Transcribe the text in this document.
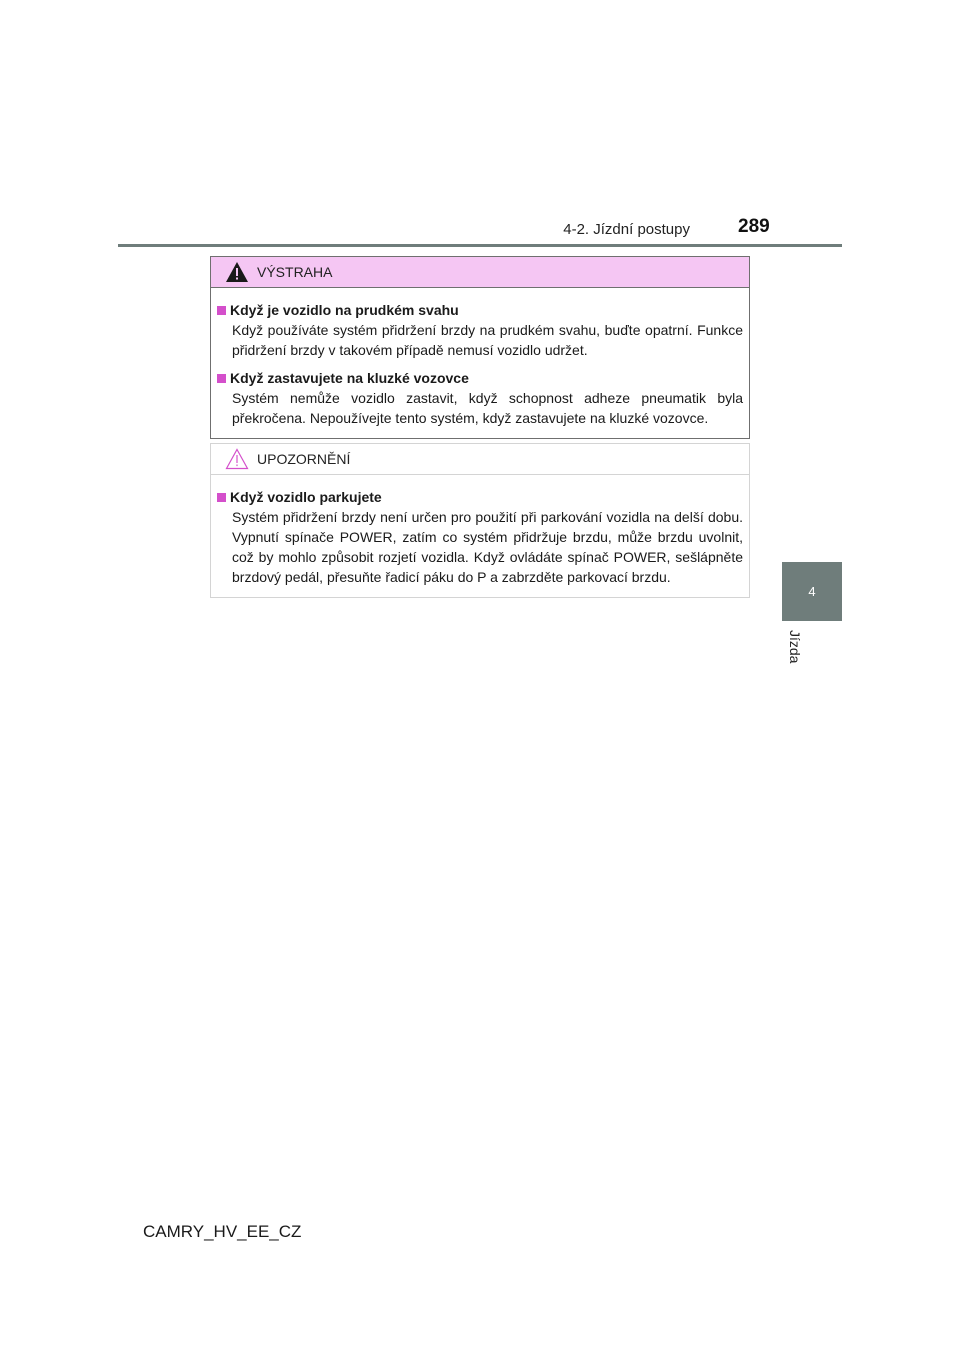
4-2. Jízdní postupy	289
4
Jízda
VÝSTRAHA
Když je vozidlo na prudkém svahu
Když používáte systém přidržení brzdy na prudkém svahu, buďte opatrní. Funkce přidržení brzdy v takovém případě nemusí vozidlo udržet.
Když zastavujete na kluzké vozovce
Systém nemůže vozidlo zastavit, když schopnost adheze pneumatik byla překročena. Nepoužívejte tento systém, když zastavujete na kluzké vozovce.
UPOZORNĚNÍ
Když vozidlo parkujete
Systém přidržení brzdy není určen pro použití při parkování vozidla na delší dobu. Vypnutí spínače POWER, zatím co systém přidržuje brzdu, může brzdu uvolnit, což by mohlo způsobit rozjetí vozidla. Když ovládáte spínač POWER, sešlápněte brzdový pedál, přesuňte řadicí páku do P a zabrzděte parkovací brzdu.
CAMRY_HV_EE_CZ
